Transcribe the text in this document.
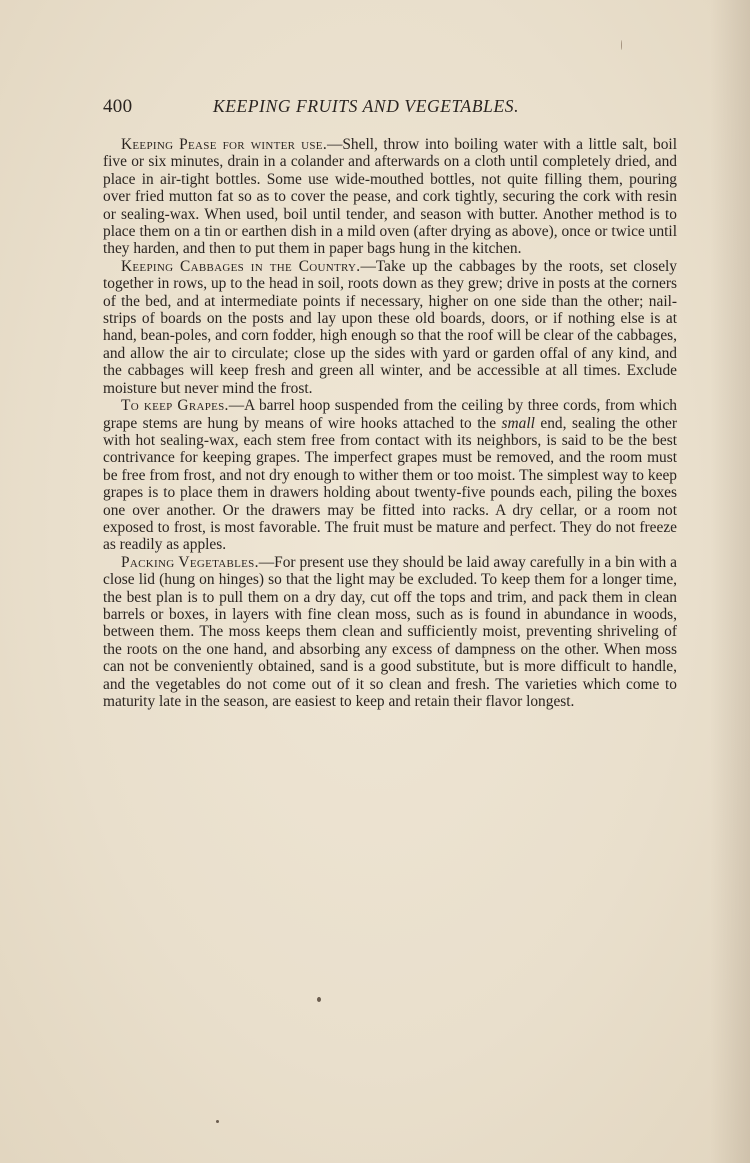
400	KEEPING FRUITS AND VEGETABLES.

Keeping Pease for winter use.—Shell, throw into boiling water with a little salt, boil five or six minutes, drain in a colander and afterwards on a cloth until completely dried, and place in air-tight bottles. Some use wide-mouthed bottles, not quite filling them, pouring over fried mutton fat so as to cover the pease, and cork tightly, securing the cork with resin or sealing-wax. When used, boil until tender, and season with butter. Another method is to place them on a tin or earthen dish in a mild oven (after drying as above), once or twice until they harden, and then to put them in paper bags hung in the kitchen.

Keeping Cabbages in the Country.—Take up the cabbages by the roots, set closely together in rows, up to the head in soil, roots down as they grew; drive in posts at the corners of the bed, and at intermediate points if necessary, higher on one side than the other; nail-strips of boards on the posts and lay upon these old boards, doors, or if nothing else is at hand, bean-poles, and corn fodder, high enough so that the roof will be clear of the cabbages, and allow the air to circulate; close up the sides with yard or garden offal of any kind, and the cabbages will keep fresh and green all winter, and be accessible at all times. Exclude moisture but never mind the frost.

To keep Grapes.—A barrel hoop suspended from the ceiling by three cords, from which grape stems are hung by means of wire hooks attached to the small end, sealing the other with hot sealing-wax, each stem free from contact with its neighbors, is said to be the best contrivance for keeping grapes. The imperfect grapes must be removed, and the room must be free from frost, and not dry enough to wither them or too moist. The simplest way to keep grapes is to place them in drawers holding about twenty-five pounds each, piling the boxes one over another. Or the drawers may be fitted into racks. A dry cellar, or a room not exposed to frost, is most favorable. The fruit must be mature and perfect. They do not freeze as readily as apples.

Packing Vegetables.—For present use they should be laid away carefully in a bin with a close lid (hung on hinges) so that the light may be excluded. To keep them for a longer time, the best plan is to pull them on a dry day, cut off the tops and trim, and pack them in clean barrels or boxes, in layers with fine clean moss, such as is found in abundance in woods, between them. The moss keeps them clean and sufficiently moist, preventing shriveling of the roots on the one hand, and absorbing any excess of dampness on the other. When moss can not be conveniently obtained, sand is a good substitute, but is more difficult to handle, and the vegetables do not come out of it so clean and fresh. The varieties which come to maturity late in the season, are easiest to keep and retain their flavor longest.
